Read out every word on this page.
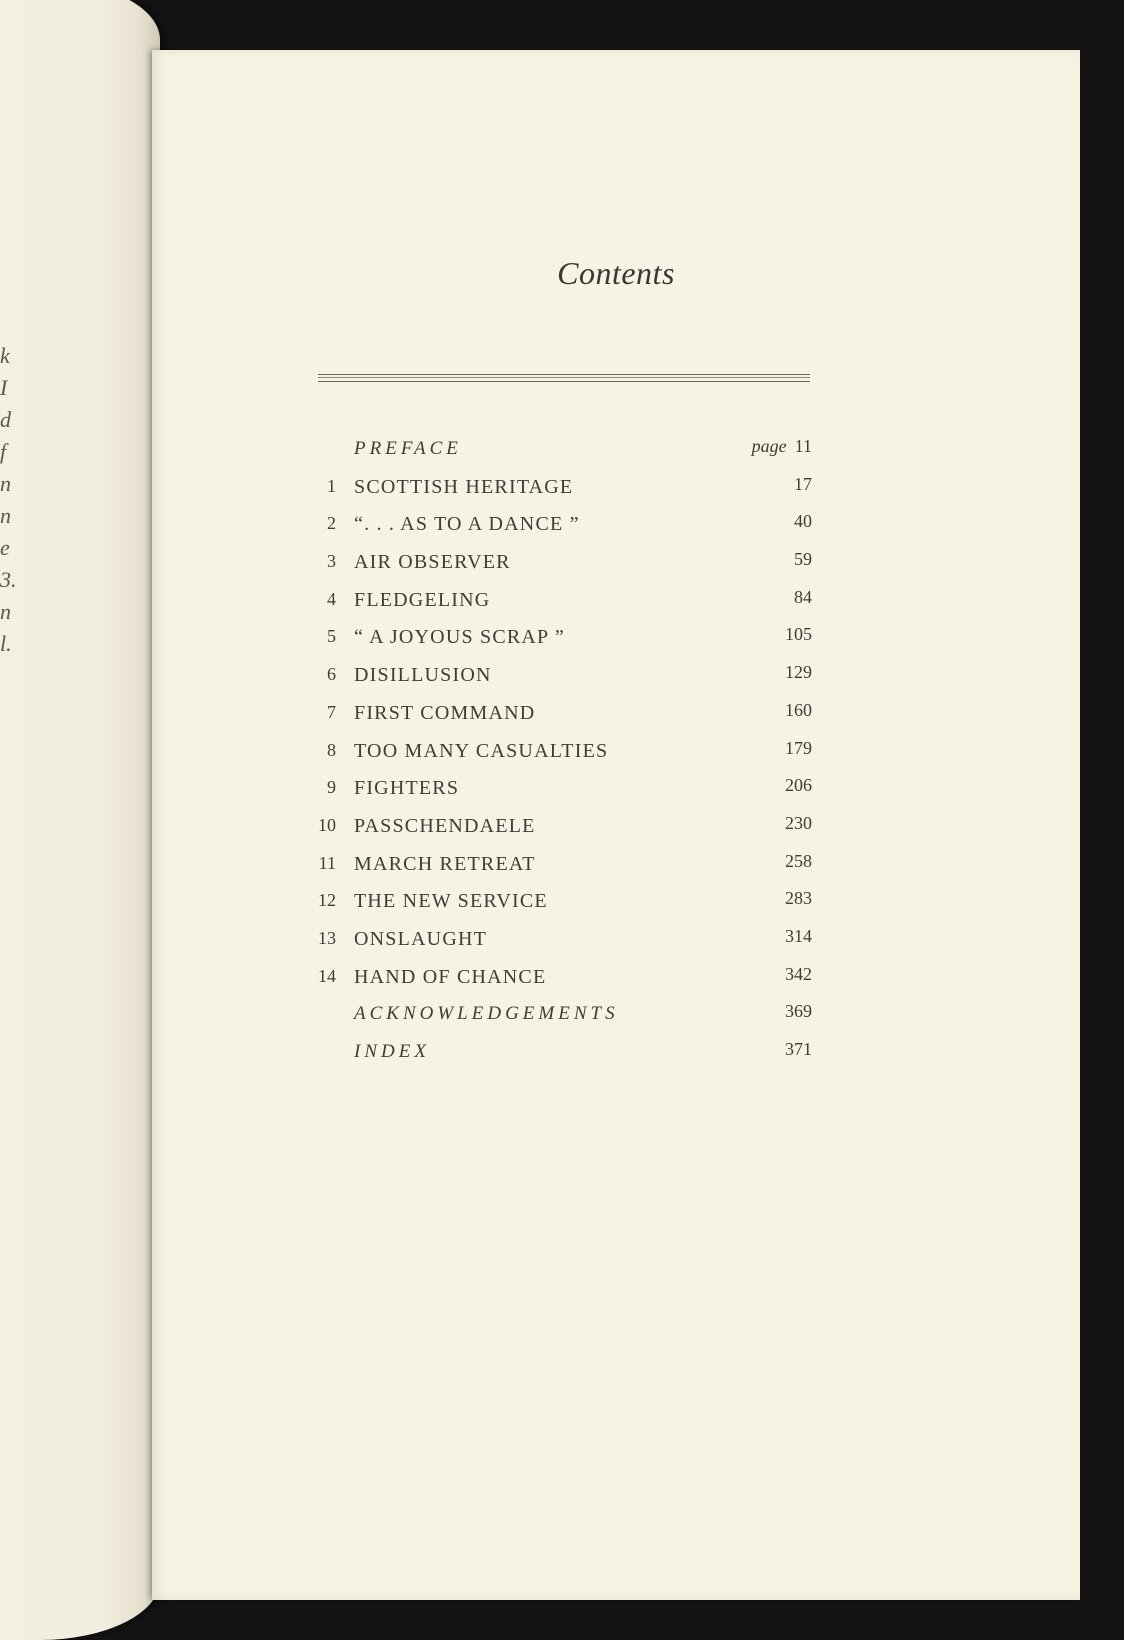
k
I
d
f
n
n
e
3.
n
l.
Contents
PREFACE	page 11
1 SCOTTISH HERITAGE	17
2 “. . . AS TO A DANCE ”	40
3 AIR OBSERVER	59
4 FLEDGELING	84
5 “ A JOYOUS SCRAP ”	105
6 DISILLUSION	129
7 FIRST COMMAND	160
8 TOO MANY CASUALTIES	179
9 FIGHTERS	206
10 PASSCHENDAELE	230
11 MARCH RETREAT	258
12 THE NEW SERVICE	283
13 ONSLAUGHT	314
14 HAND OF CHANCE	342
ACKNOWLEDGEMENTS	369
INDEX	371
